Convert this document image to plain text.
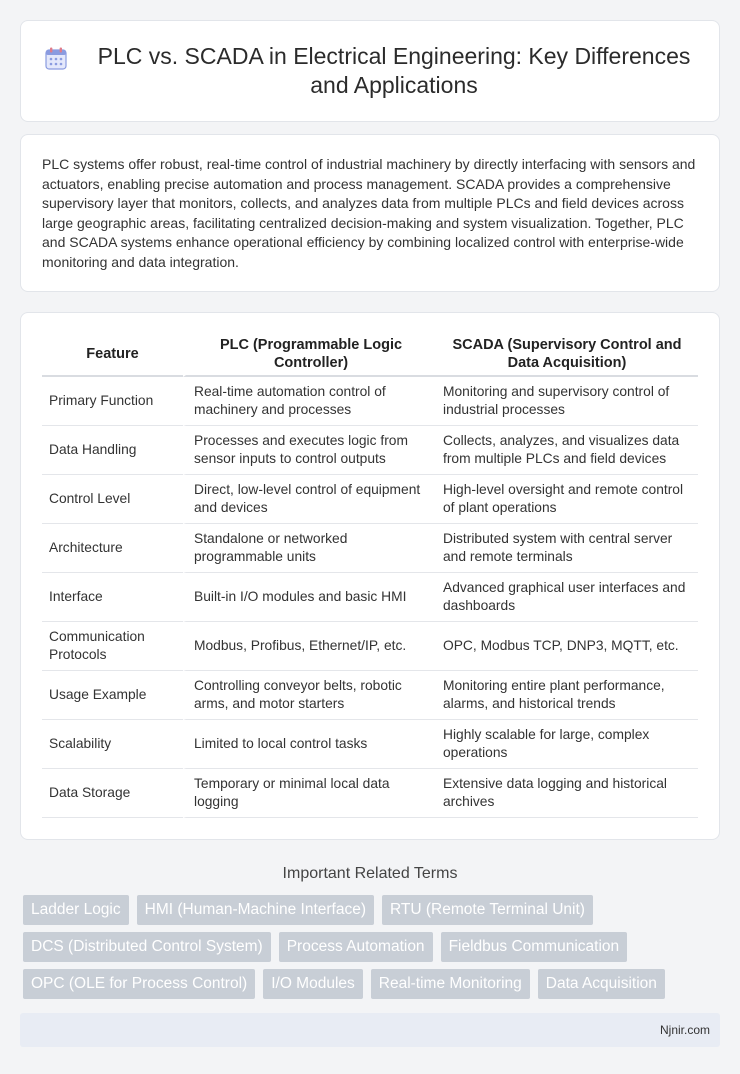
PLC vs. SCADA in Electrical Engineering: Key Differences and Applications

PLC systems offer robust, real-time control of industrial machinery by directly interfacing with sensors and actuators, enabling precise automation and process management. SCADA provides a comprehensive supervisory layer that monitors, collects, and analyzes data from multiple PLCs and field devices across large geographic areas, facilitating centralized decision-making and system visualization. Together, PLC and SCADA systems enhance operational efficiency by combining localized control with enterprise-wide monitoring and data integration.

Feature	PLC (Programmable Logic Controller)	SCADA (Supervisory Control and Data Acquisition)
Primary Function	Real-time automation control of machinery and processes	Monitoring and supervisory control of industrial processes
Data Handling	Processes and executes logic from sensor inputs to control outputs	Collects, analyzes, and visualizes data from multiple PLCs and field devices
Control Level	Direct, low-level control of equipment and devices	High-level oversight and remote control of plant operations
Architecture	Standalone or networked programmable units	Distributed system with central server and remote terminals
Interface	Built-in I/O modules and basic HMI	Advanced graphical user interfaces and dashboards
Communication Protocols	Modbus, Profibus, Ethernet/IP, etc.	OPC, Modbus TCP, DNP3, MQTT, etc.
Usage Example	Controlling conveyor belts, robotic arms, and motor starters	Monitoring entire plant performance, alarms, and historical trends
Scalability	Limited to local control tasks	Highly scalable for large, complex operations
Data Storage	Temporary or minimal local data logging	Extensive data logging and historical archives
Important Related Terms
Ladder Logic	HMI (Human-Machine Interface)	RTU (Remote Terminal Unit)
DCS (Distributed Control System)	Process Automation	Fieldbus Communication
OPC (OLE for Process Control)	I/O Modules	Real-time Monitoring	Data Acquisition
Njnir.com
